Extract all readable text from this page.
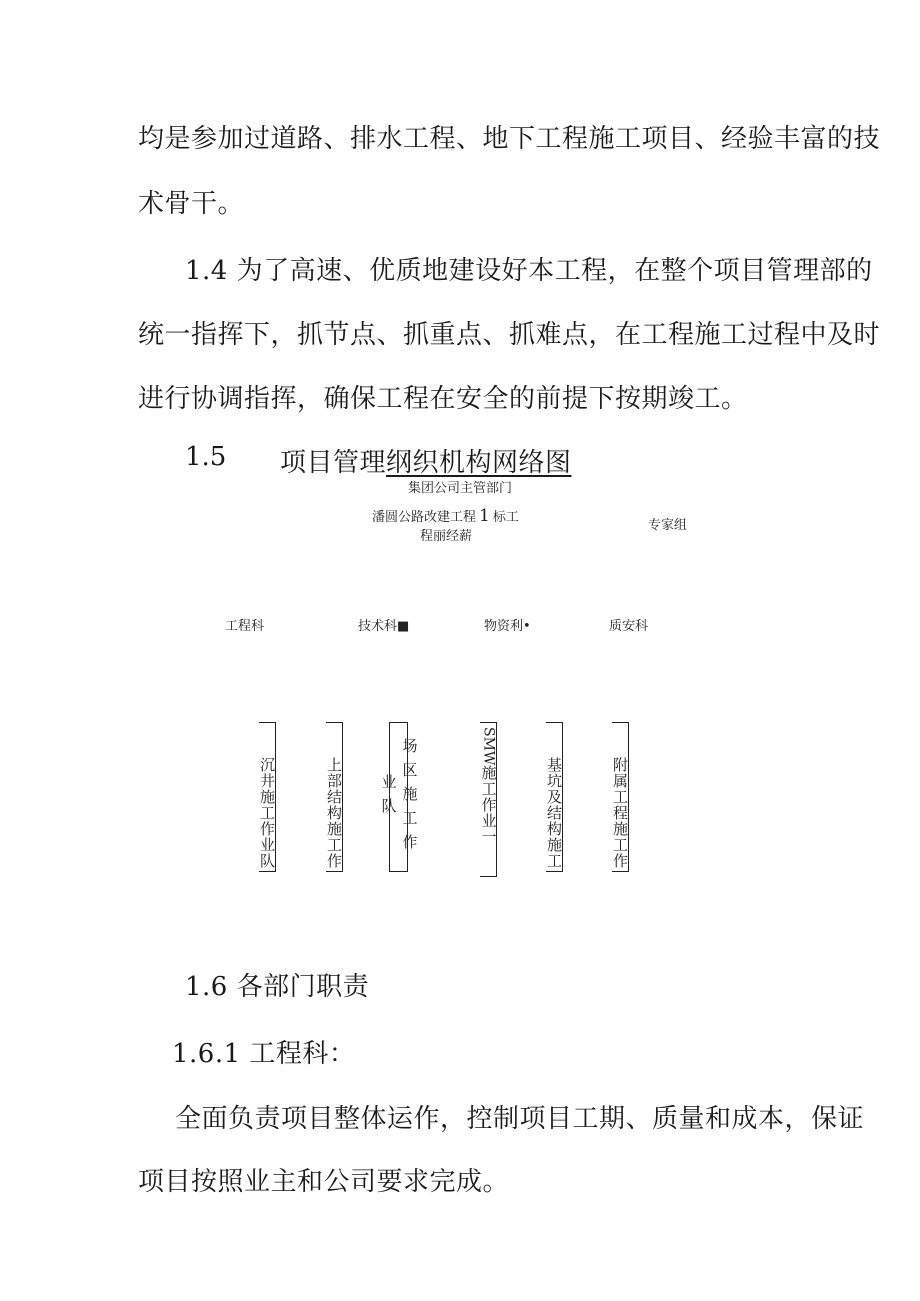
均是参加过道路、排水工程、地下工程施工项目、经验丰富的技
术骨干。
1.4 为了高速、优质地建设好本工程，在整个项目管理部的
统一指挥下，抓节点、抓重点、抓难点，在工程施工过程中及时
进行协调指挥，确保工程在安全的前提下按期竣工。
1.5 项目管理纲织机构网络图
集团公司主管部门
潘圆公路改建工程 1 标工
程丽经薪
专家组
工程科	技术科■	物资利•	质安科
沉井施工作业队	上部结构施工作	场区施工作业队
SMW
施工作业一	基坑及结构施工	附属工程施工作
1.6 各部门职责
1.6.1 工程科：
全面负责项目整体运作，控制项目工期、质量和成本，保证
项目按照业主和公司要求完成。
